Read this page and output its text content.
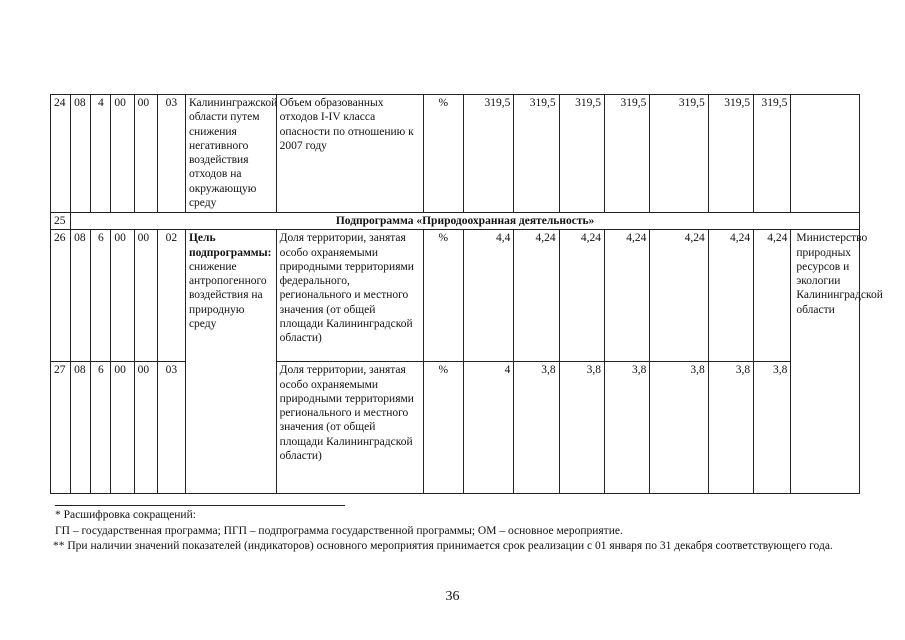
24	08	4	00	00	03	Калинингражской области путем снижения негативного воздействия отходов на окружающую среду	Объем образованных отходов I-IV класса опасности по отношению к 2007 году	%	319,5	319,5	319,5	319,5	319,5	319,5	319,5	
25	Подпрограмма «Природоохранная деятельность»															
26	08	6	00	00	02	Цель подпрограммы: снижение антропогенного воздействия на природную среду	Доля территории, занятая особо охраняемыми природными территориями федерального, регионального и местного значения (от общей площади Калининградской области)	%	4,4	4,24	4,24	4,24	4,24	4,24	4,24	Министерство природных ресурсов и экологии Калининградской области
27	08	6	00	00	03		Доля территории, занятая особо охраняемыми природными территориями регионального и местного значения (от общей площади Калининградской области)	%	4	3,8	3,8	3,8	3,8	3,8	3,8	
* Расшифровка сокращений:
ГП – государственная программа; ПГП – подпрограмма государственной программы; ОМ – основное мероприятие.
** При наличии значений показателей (индикаторов) основного мероприятия принимается срок реализации с 01 января по 31 декабря соответствующего года.
36
